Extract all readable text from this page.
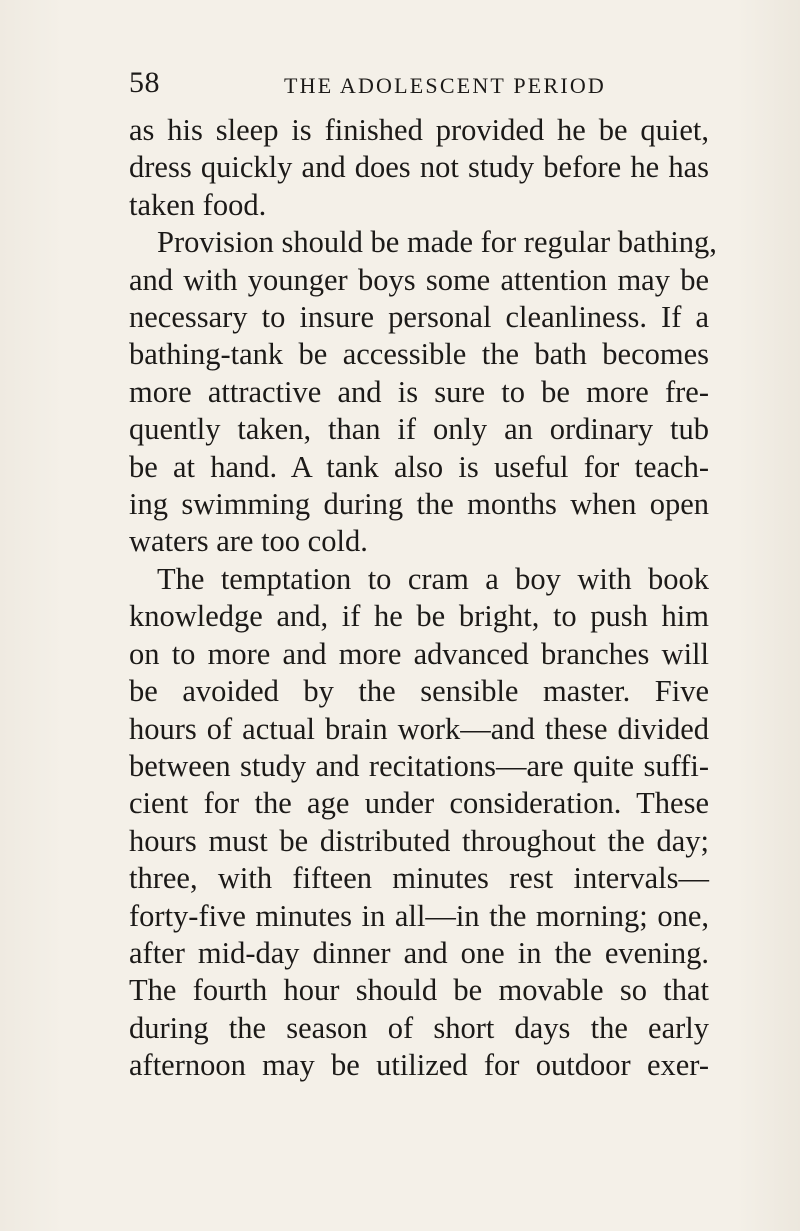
58	THE ADOLESCENT PERIOD
as his sleep is finished provided he be quiet,
dress quickly and does not study before he has
taken food.
Provision should be made for regular bathing,
and with younger boys some attention may be
necessary to insure personal cleanliness. If a
bathing-tank be accessible the bath becomes
more attractive and is sure to be more fre-
quently taken, than if only an ordinary tub
be at hand. A tank also is useful for teach-
ing swimming during the months when open
waters are too cold.
The temptation to cram a boy with book
knowledge and, if he be bright, to push him
on to more and more advanced branches will
be avoided by the sensible master. Five
hours of actual brain work—and these divided
between study and recitations—are quite suffi-
cient for the age under consideration. These
hours must be distributed throughout the day;
three, with fifteen minutes rest intervals—
forty-five minutes in all—in the morning; one,
after mid-day dinner and one in the evening.
The fourth hour should be movable so that
during the season of short days the early
afternoon may be utilized for outdoor exer-
